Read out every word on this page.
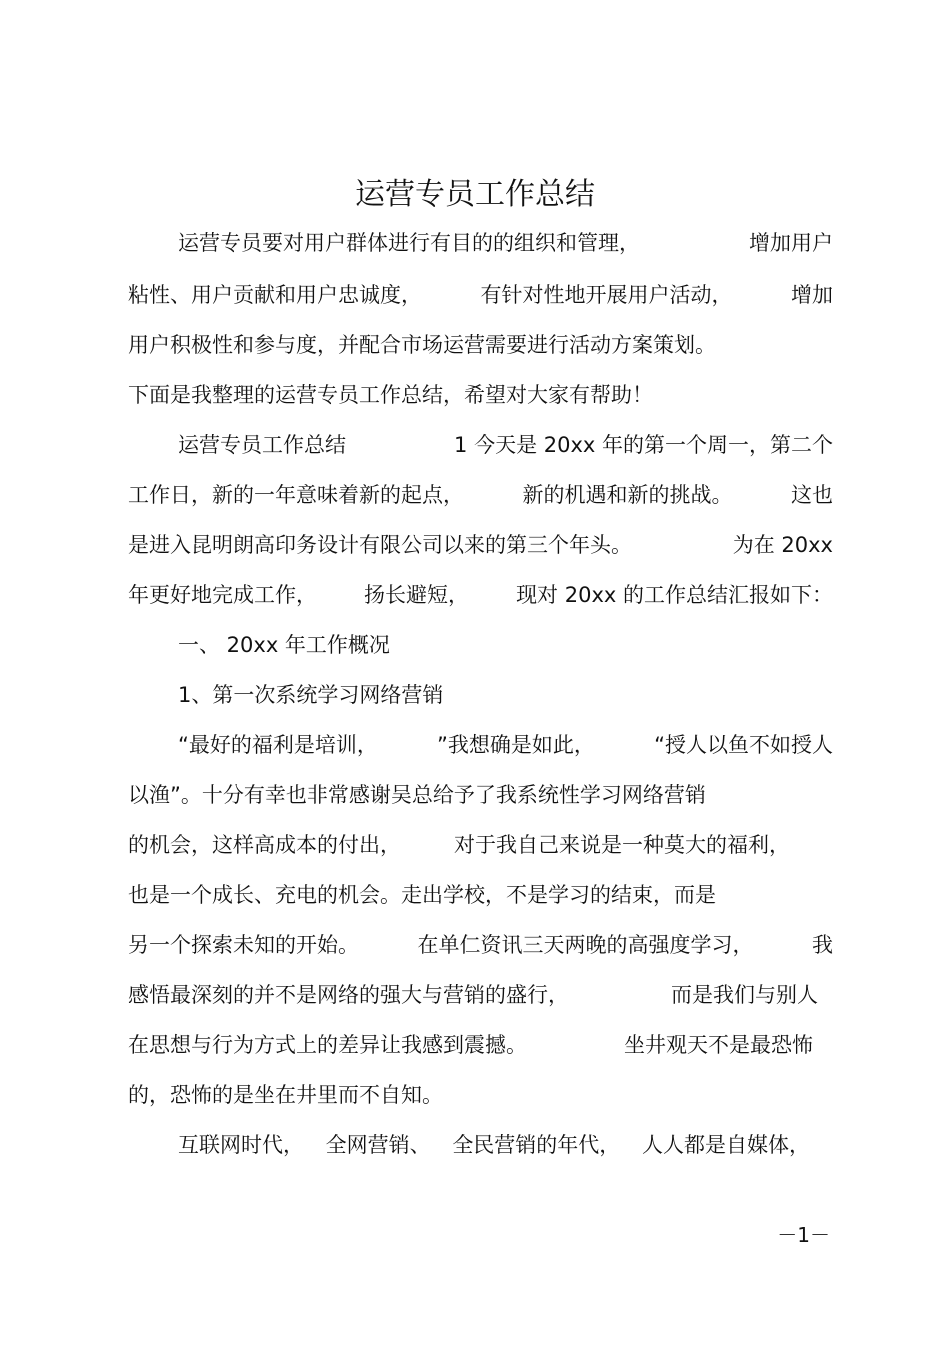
运营专员工作总结
运营专员要对用户群体进行有目的的组织和管理，	增加用户
粘性、用户贡献和用户忠诚度，	有针对性地开展用户活动，	增加
用户积极性和参与度，并配合市场运营需要进行活动方案策划。
下面是我整理的运营专员工作总结，希望对大家有帮助！
运营专员工作总结	1 今天是 20xx 年的第一个周一，第二个
工作日，新的一年意味着新的起点，	新的机遇和新的挑战。	这也
是进入昆明朗高印务设计有限公司以来的第三个年头。	为在 20xx
年更好地完成工作， 扬长避短， 现对 20xx 的工作总结汇报如下：
一、 20xx 年工作概况
1、第一次系统学习网络营销
“最好的福利是培训，	”我想确是如此，	“授人以鱼不如授人
以渔”。十分有幸也非常感谢吴总给予了我系统性学习网络营销
的机会，这样高成本的付出，	对于我自己来说是一种莫大的福利，
也是一个成长、充电的机会。走出学校，不是学习的结束，而是
另一个探索未知的开始。	在单仁资讯三天两晚的高强度学习，	我
感悟最深刻的并不是网络的强大与营销的盛行，	而是我们与别人
在思想与行为方式上的差异让我感到震撼。	坐井观天不是最恐怖
的，恐怖的是坐在井里而不自知。
互联网时代， 全网营销、 全民营销的年代， 人人都是自媒体，
－1－
